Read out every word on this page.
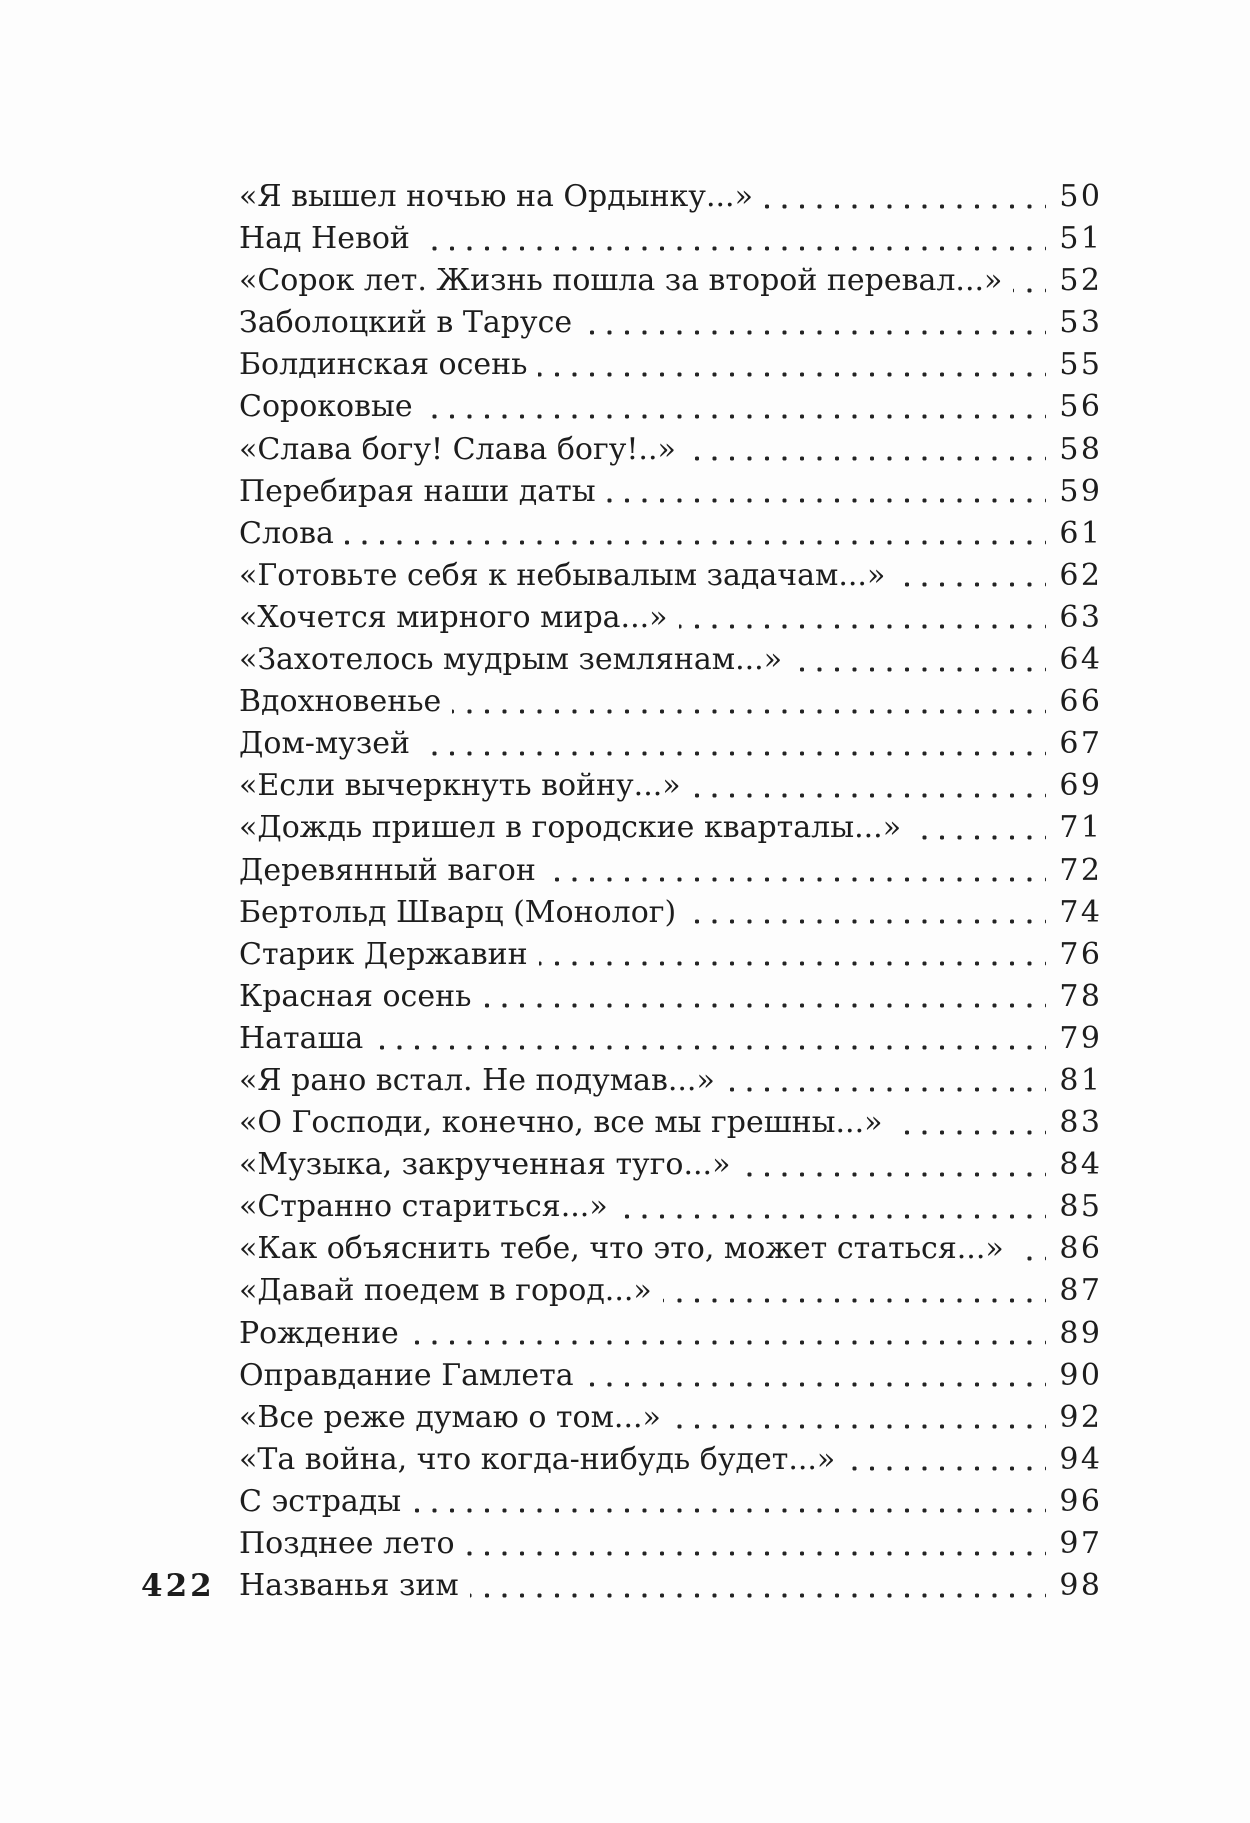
«Я вышел ночью на Ордынку...»	50
Над Невой	51
«Сорок лет. Жизнь пошла за второй перевал...»	52
Заболоцкий в Тарусе	53
Болдинская осень	55
Сороковые	56
«Слава богу! Слава богу!..»	58
Перебирая наши даты	59
Слова	61
«Готовьте себя к небывалым задачам...»	62
«Хочется мирного мира...»	63
«Захотелось мудрым землянам...»	64
Вдохновенье	66
Дом-музей	67
«Если вычеркнуть войну...»	69
«Дождь пришел в городские кварталы...»	71
Деревянный вагон	72
Бертольд Шварц (Монолог)	74
Старик Державин	76
Красная осень	78
Наташа	79
«Я рано встал. Не подумав...»	81
«О Господи, конечно, все мы грешны...»	83
«Музыка, закрученная туго...»	84
«Странно стариться...»	85
«Как объяснить тебе, что это, может статься...»	86
«Давай поедем в город...»	87
Рождение	89
Оправдание Гамлета	90
«Все реже думаю о том...»	92
«Та война, что когда-нибудь будет...»	94
С эстрады	96
Позднее лето	97
Названья зим	98
422
